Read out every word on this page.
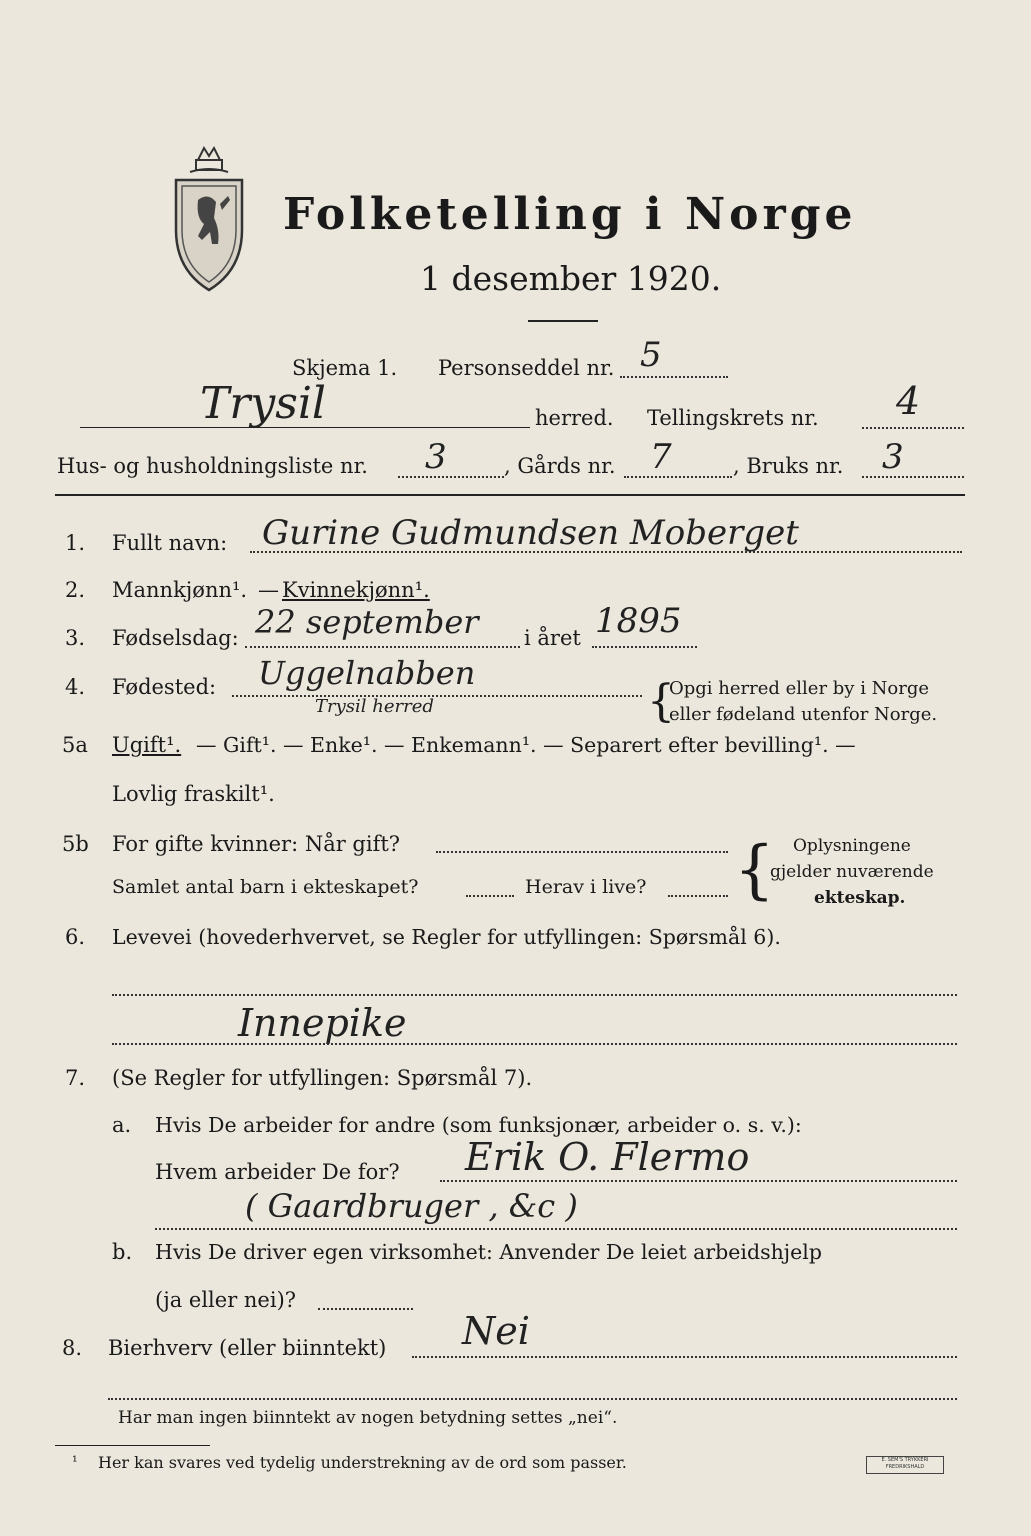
Folketelling i Norge
1 desember 1920.
Skjema 1. Personseddel nr. 5
Trysil	herred. Tellingskrets nr. 4
Hus- og husholdningsliste nr. 3	, Gårds nr. 7	, Bruks nr. 3
1. Fullt navn: Gurine Gudmundsen Moberget
2. Mannkjønn¹. — Kvinnekjønn¹.
3. Fødselsdag: 22 september i året 1895
4. Fødested: Uggelnabben
Trysil herred	{
Opgi herred eller by i Norge
eller fødeland utenfor Norge.
5a Ugift¹. — Gift¹. — Enke¹. — Enkemann¹. — Separert efter bevilling¹. —
Lovlig fraskilt¹.
5b For gifte kvinner: Når gift?
Samlet antal barn i ekteskapet?	Herav i live? { Oplysningene
gjelder nuværende
ekteskap.
6. Levevei (hovederhvervet, se Regler for utfyllingen: Spørsmål 6).
Innepike
7. (Se Regler for utfyllingen: Spørsmål 7).
a. Hvis De arbeider for andre (som funksjonær, arbeider o. s. v.):
Hvem arbeider De for? Erik O. Flermo
( Gaardbruger , &c )
b. Hvis De driver egen virksomhet: Anvender De leiet arbeidshjelp
(ja eller nei)?
8. Bierhverv (eller biinntekt) Nei
Har man ingen biinntekt av nogen betydning settes „nei“.
¹ Her kan svares ved tydelig understrekning av de ord som passer.	E. SEM'S TRYKKERI FREDRIKSHALD
